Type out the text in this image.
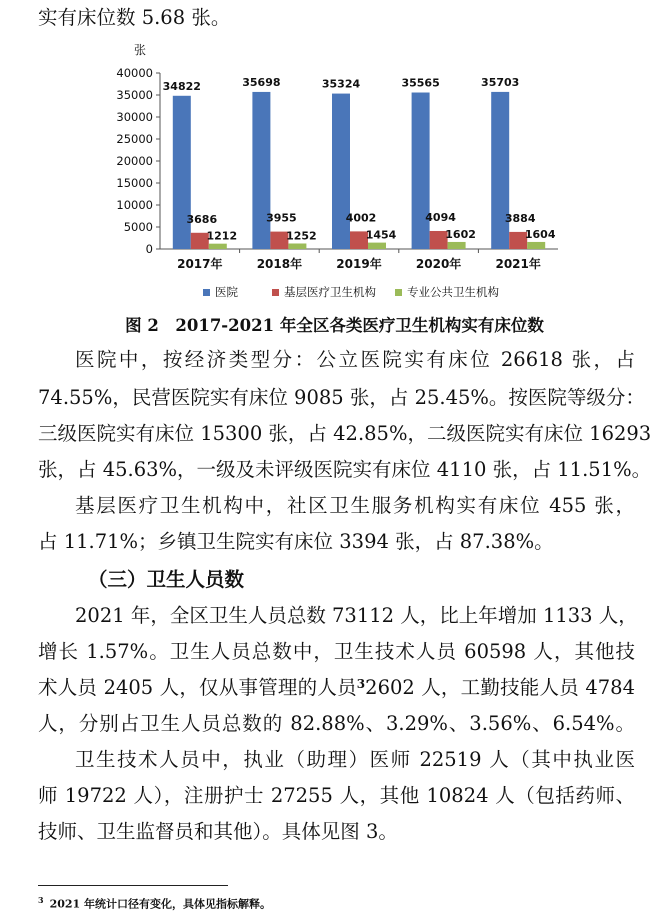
实有床位数 5.68 张。

张
0
5000
10000
15000
20000
25000
30000
35000
40000
34822
3686
1212
2017年
35698
3955
1252
2018年
35324
4002
1454
2019年
35565
4094
1602
2020年
35703
3884
1604
2021年
医院	基层医疗卫生机构	专业公共卫生机构

图 2　2017-2021 年全区各类医疗卫生机构实有床位数

医院中，按经济类型分：公立医院实有床位 26618 张，占

74.55%，民营医院实有床位 9085 张，占 25.45%。按医院等级分：

三级医院实有床位 15300 张，占 42.85%，二级医院实有床位 16293

张，占 45.63%，一级及未评级医院实有床位 4110 张，占 11.51%。

基层医疗卫生机构中，社区卫生服务机构实有床位 455 张，

占 11.71%；乡镇卫生院实有床位 3394 张，占 87.38%。

（三）卫生人员数

2021 年，全区卫生人员总数 73112 人，比上年增加 1133 人，

增长 1.57%。卫生人员总数中，卫生技术人员 60598 人，其他技

术人员 2405 人，仅从事管理的人员$^3$2602 人，工勤技能人员 4784

人，分别占卫生人员总数的 82.88%、3.29%、3.56%、6.54%。

卫生技术人员中，执业（助理）医师 22519 人（其中执业医

师 19722 人），注册护士 27255 人，其他 10824 人（包括药师、

技师、卫生监督员和其他）。具体见图 3。

$^3$ 2021 年统计口径有变化，具体见指标解释。
